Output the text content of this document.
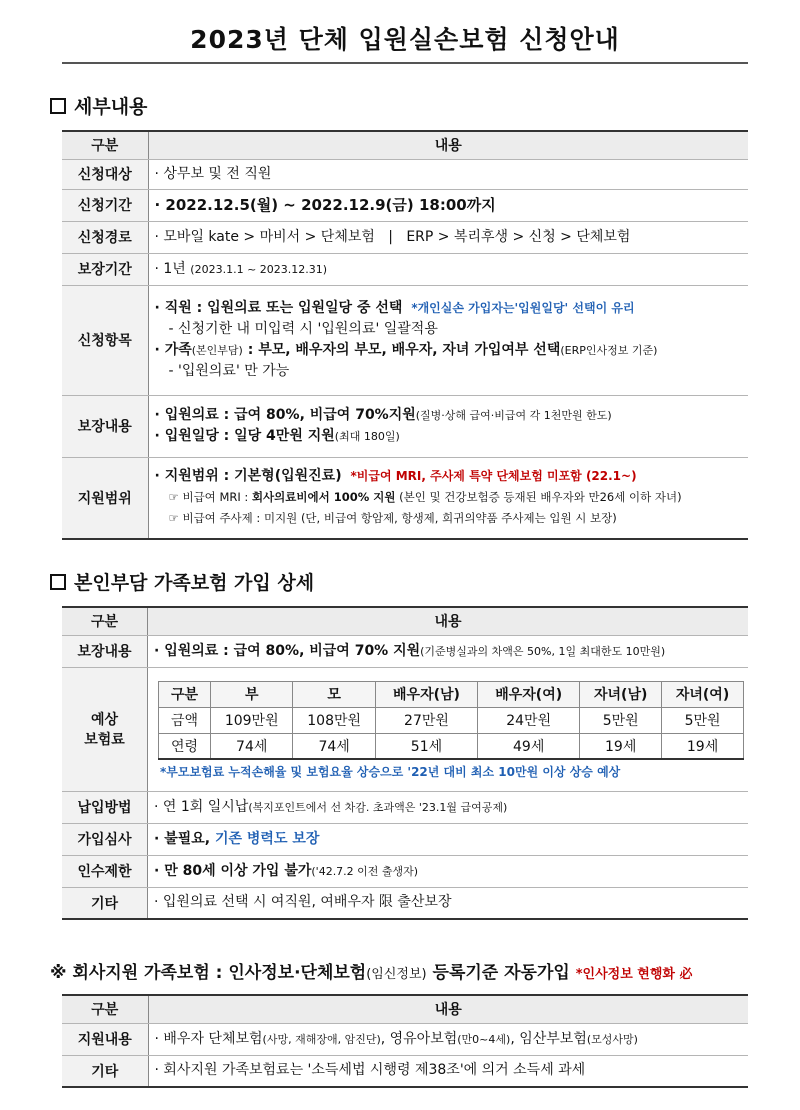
2023년 단체 입원실손보험 신청안내
세부내용
구분	내용
신청대상	· 상무보 및 전 직원

신청기간	· 2022.12.5(월) ~ 2022.12.9(금) 18:00까지

신청경로	· 모바일 kate > 마비서 > 단체보험   |   ERP > 복리후생 > 신청 > 단체보험

보장기간	· 1년 (2023.1.1 ~ 2023.12.31)

신청항목	· 직원 : 입원의료 또는 입원일당 중 선택 *개인실손 가입자는'입원일당' 선택이 유리
- 신청기한 내 미입력 시 '입원의료' 일괄적용
· 가족(본인부담) : 부모, 배우자의 부모, 배우자, 자녀 가입여부 선택(ERP인사정보 기준)
- '입원의료' 만 가능

보장내용	· 입원의료 : 급여 80%, 비급여 70%지원(질병·상해 급여·비급여 각 1천만원 한도)
· 입원일당 : 일당 4만원 지원(최대 180일)

지원범위	· 지원범위 : 기본형(입원진료) *비급여 MRI, 주사제 특약 단체보험 미포함 (22.1~)
☞ 비급여 MRI : 회사의료비에서 100% 지원 (본인 및 건강보험증 등재된 배우자와 만26세 이하 자녀)
☞ 비급여 주사제 : 미지원 (단, 비급여 항암제, 항생제, 희귀의약품 주사제는 입원 시 보장)
본인부담 가족보험 가입 상세
구분	내용
보장내용	· 입원의료 : 급여 80%, 비급여 70% 지원(기준병실과의 차액은 50%, 1일 최대한도 10만원)

예상
보험료

구분	부	모	배우자(남)	배우자(여)	자녀(남)	자녀(여)
금액	109만원	108만원	27만원	24만원	5만원	5만원
연령	74세	74세	51세	49세	19세	19세
*부모보험료 누적손해율 및 보험요율 상승으로 '22년 대비 최소 10만원 이상 상승 예상

납입방법	· 연 1회 일시납(복지포인트에서 선 차감. 초과액은 '23.1월 급여공제)

가입심사	· 불필요, 기존 병력도 보장

인수제한	· 만 80세 이상 가입 불가('42.7.2 이전 출생자)

기타	· 입원의료 선택 시 여직원, 여배우자 限 출산보장
※ 회사지원 가족보험 : 인사정보·단체보험(임신정보) 등록기준 자동가입 *인사정보 현행화 必
구분	내용
지원내용	· 배우자 단체보험(사망, 재해장애, 암진단), 영유아보험(만0~4세), 임산부보험(모성사망)

기타	· 회사지원 가족보험료는 '소득세법 시행령 제38조'에 의거 소득세 과세
